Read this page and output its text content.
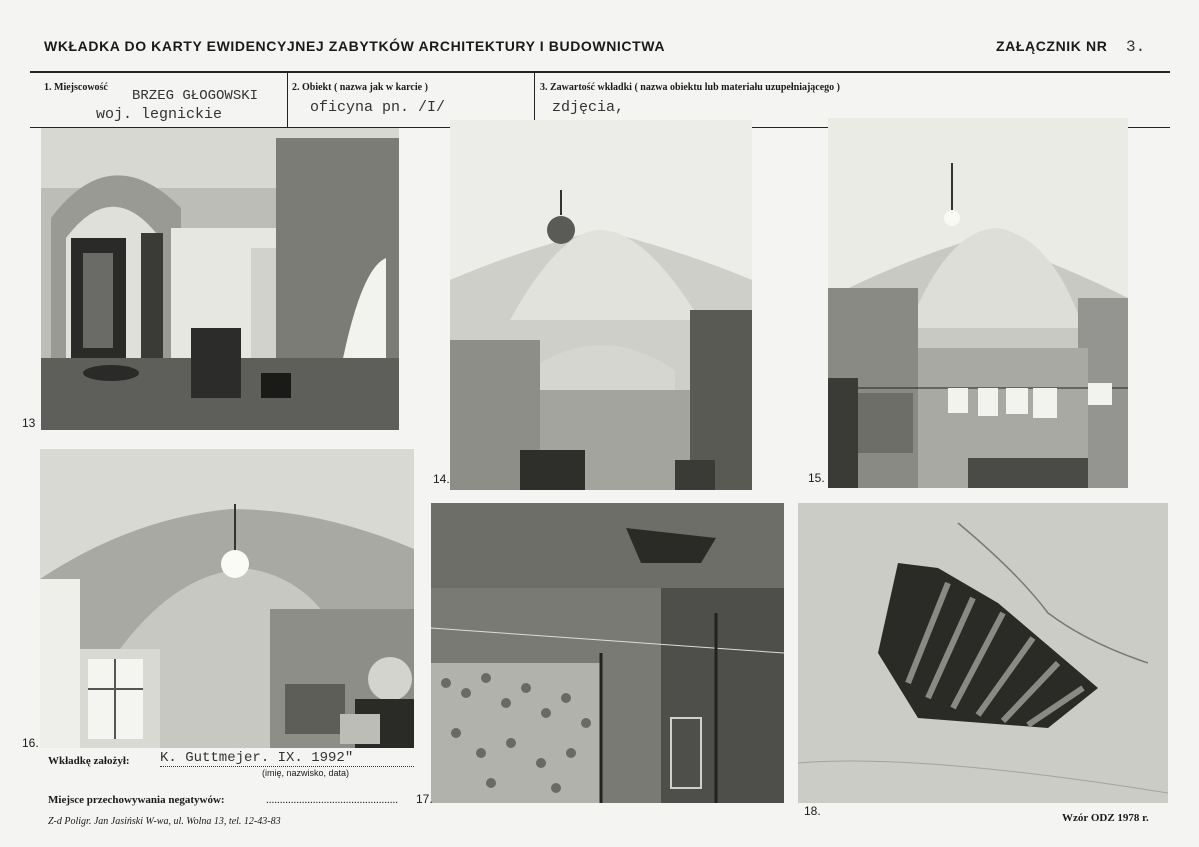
WKŁADKA DO KARTY EWIDENCYJNEJ ZABYTKÓW ARCHITEKTURY I BUDOWNICTWA	ZAŁĄCZNIK NR 3.
1. Miejscowość
BRZEG GŁOGOWSKI
woj. legnickie
2. Obiekt ( nazwa jak w karcie )
oficyna pn. /I/
3. Zawartość wkładki ( nazwa obiektu lub materiału uzupełniającego )
zdjęcia,
13
14.	15.
16.
17.
18.
Wkładkę założył: K. Guttmejer. IX. 1992"
(imię, nazwisko, data)
Miejsce przechowywania negatywów:	................................................
Z-d Poligr. Jan Jasiński W-wa, ul. Wolna 13, tel. 12-43-83	Wzór ODZ 1978 r.
